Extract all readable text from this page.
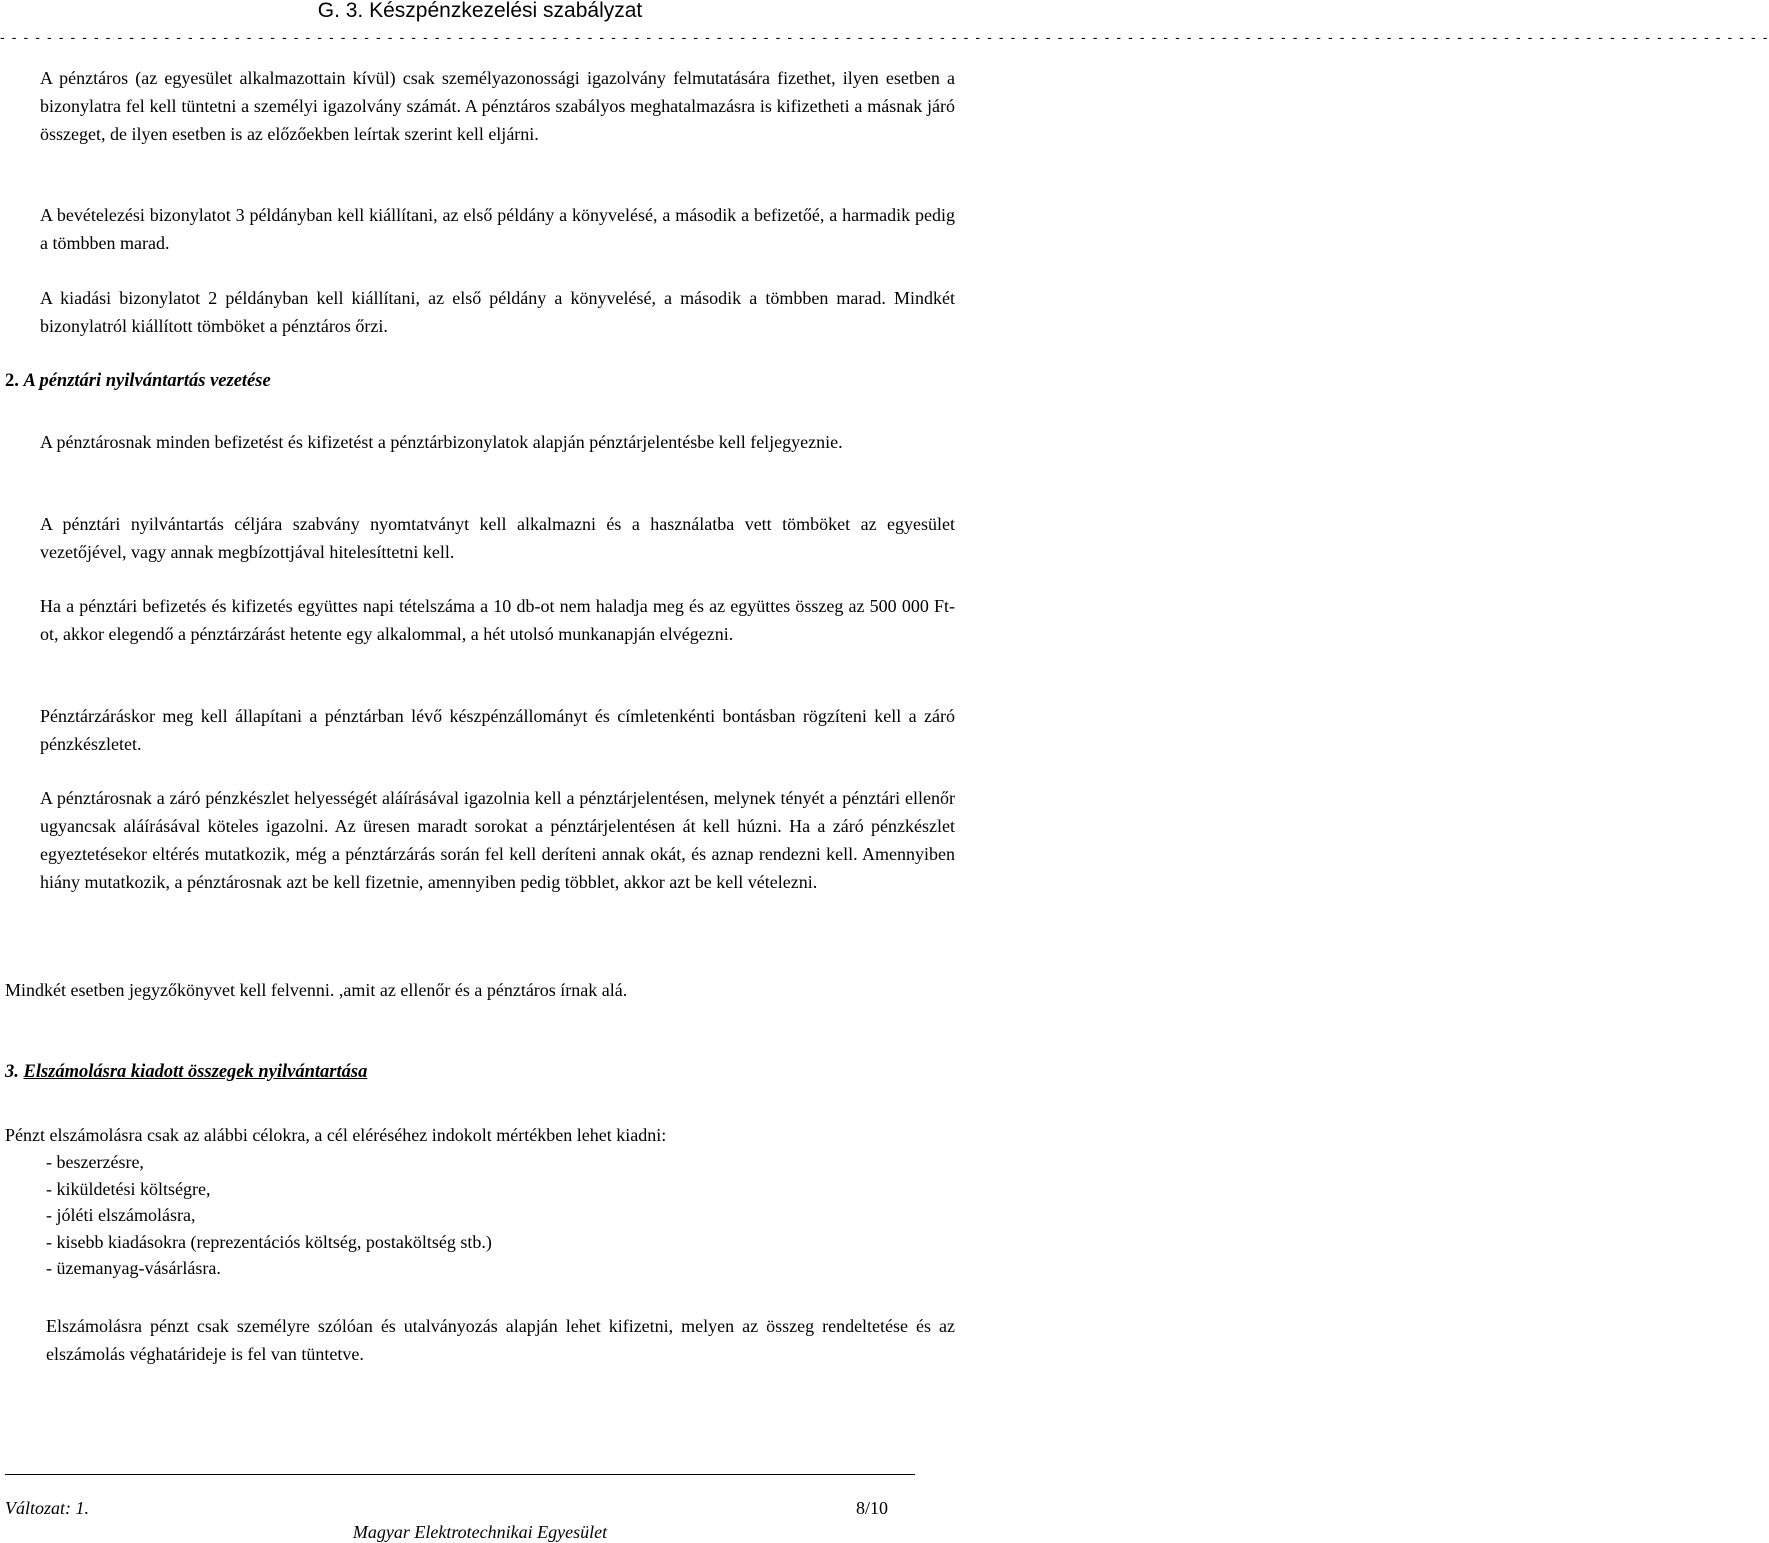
G. 3. Készpénzkezelési szabályzat
- - - - - - - - - - - - - - - - - - - - - - - - - - - - - - - - - - - - - - - - - - - - - - - - - - - - - - - - - - - - - - - - - - - - - - - - - - - - - - - - - - - - - - - - - - - - - - - - - - - - - - - - - - - - - - - - - - - - - - - - - - - - - - - - - - - - - - - - - - - - - - - - - - - - - - -

A pénztáros (az egyesület alkalmazottain kívül) csak személyazonossági igazolvány felmutatására fizethet, ilyen esetben a bizonylatra fel kell tüntetni a személyi igazolvány számát. A pénztáros szabályos meghatalmazásra is kifizetheti a másnak járó összeget, de ilyen esetben is az előzőekben leírtak szerint kell eljárni.

A bevételezési bizonylatot 3 példányban kell kiállítani, az első példány a könyvelésé, a második a befizetőé, a harmadik pedig a tömbben marad.

A kiadási bizonylatot 2 példányban kell kiállítani, az első példány a könyvelésé, a második a tömbben marad. Mindkét bizonylatról kiállított tömböket a pénztáros őrzi.

2. A pénztári nyilvántartás vezetése

A pénztárosnak minden befizetést és kifizetést a pénztárbizonylatok alapján pénztárjelentésbe kell feljegyeznie.

A pénztári nyilvántartás céljára szabvány nyomtatványt kell alkalmazni és a használatba vett tömböket az egyesület vezetőjével, vagy annak megbízottjával hitelesíttetni kell.

Ha a pénztári befizetés és kifizetés együttes napi tételszáma a 10 db-ot nem haladja meg és az együttes összeg az 500 000 Ft-ot, akkor elegendő a pénztárzárást hetente egy alkalommal, a hét utolsó munkanapján elvégezni.

Pénztárzáráskor meg kell állapítani a pénztárban lévő készpénzállományt és címletenkénti bontásban rögzíteni kell a záró pénzkészletet.

A pénztárosnak a záró pénzkészlet helyességét aláírásával igazolnia kell a pénztárjelentésen, melynek tényét a pénztári ellenőr ugyancsak aláírásával köteles igazolni. Az üresen maradt sorokat a pénztárjelentésen át kell húzni. Ha a záró pénzkészlet egyeztetésekor eltérés mutatkozik, még a pénztárzárás során fel kell deríteni annak okát, és aznap rendezni kell. Amennyiben hiány mutatkozik, a pénztárosnak azt be kell fizetnie, amennyiben pedig többlet, akkor azt be kell vételezni.

Mindkét esetben jegyzőkönyvet kell felvenni. ,amit az ellenőr és a pénztáros írnak alá.

3. Elszámolásra kiadott összegek nyilvántartása

Pénzt elszámolásra csak az alábbi célokra, a cél eléréséhez indokolt mértékben lehet kiadni:

- beszerzésre,
- kiküldetési költségre,
- jóléti elszámolásra,
- kisebb kiadásokra (reprezentációs költség, postaköltség stb.)
- üzemanyag-vásárlásra.

Elszámolásra pénzt csak személyre szólóan és utalványozás alapján lehet kifizetni, melyen az összeg rendeltetése és az elszámolás véghatárideje is fel van tüntetve.

Változat: 1.	8/10
Magyar Elektrotechnikai Egyesület
